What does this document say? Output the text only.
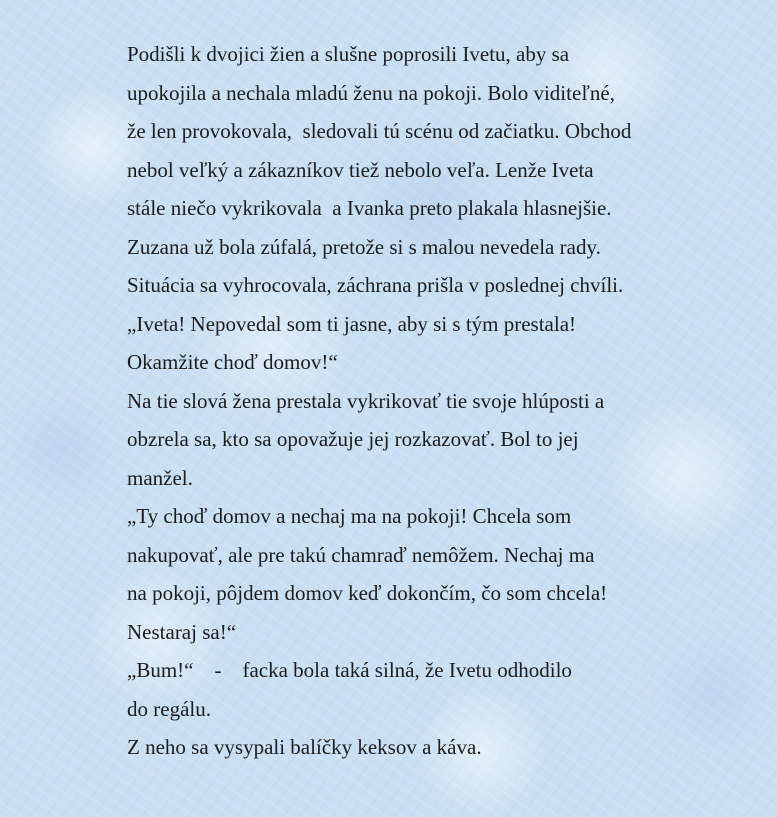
Podišli k dvojici žien a slušne poprosili Ivetu, aby sa
upokojila a nechala mladú ženu na pokoji. Bolo viditeľné,
že len provokovala,  sledovali tú scénu od začiatku. Obchod
nebol veľký a zákazníkov tiež nebolo veľa. Lenže Iveta
stále niečo vykrikovala  a Ivanka preto plakala hlasnejšie.
Zuzana už bola zúfalá, pretože si s malou nevedela rady.
Situácia sa vyhrocovala, záchrana prišla v poslednej chvíli.
„Iveta! Nepovedal som ti jasne, aby si s tým prestala!
Okamžite choď domov!“
Na tie slová žena prestala vykrikovať tie svoje hlúposti a
obzrela sa, kto sa opovažuje jej rozkazovať. Bol to jej
manžel.
„Ty choď domov a nechaj ma na pokoji! Chcela som
nakupovať, ale pre takú chamraď nemôžem. Nechaj ma
na pokoji, pôjdem domov keď dokončím, čo som chcela!
Nestaraj sa!“
„Bum!“    -    facka bola taká silná, že Ivetu odhodilo
do regálu.
Z neho sa vysypali balíčky keksov a káva.
